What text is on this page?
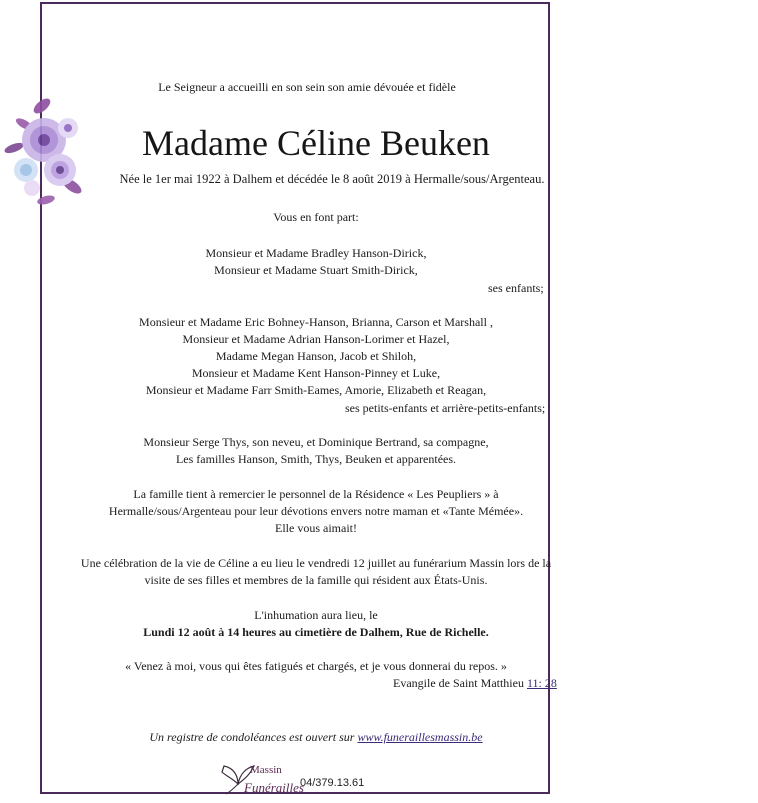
Le Seigneur a accueilli en son sein son amie dévouée et fidèle
Madame Céline Beuken
Née le 1er mai 1922 à Dalhem et décédée le 8 août 2019 à Hermalle/sous/Argenteau.
Vous en font part:
Monsieur et Madame Bradley Hanson-Dirick,
Monsieur et Madame Stuart Smith-Dirick,
ses enfants;
Monsieur et Madame Eric Bohney-Hanson, Brianna, Carson et Marshall ,
Monsieur et Madame Adrian Hanson-Lorimer et Hazel,
Madame Megan Hanson, Jacob et Shiloh,
Monsieur et Madame Kent Hanson-Pinney et Luke,
Monsieur et Madame Farr Smith-Eames, Amorie, Elizabeth et Reagan,
ses petits-enfants et arrière-petits-enfants;
Monsieur Serge Thys, son neveu, et Dominique Bertrand, sa compagne,
Les familles Hanson, Smith, Thys, Beuken et apparentées.
La famille tient à remercier le personnel de la Résidence « Les Peupliers » à
Hermalle/sous/Argenteau pour leur dévotions envers notre maman et «Tante Mémée».
Elle vous aimait!
Une célébration de la vie de Céline a eu lieu le vendredi 12 juillet au funérarium Massin lors de la
visite de ses filles et membres de la famille qui résident aux États-Unis.
L'inhumation aura lieu, le
Lundi 12 août à 14 heures au cimetière de Dalhem, Rue de Richelle.
« Venez à moi, vous qui êtes fatigués et chargés, et je vous donnerai du repos. »
Evangile de Saint Matthieu 11: 28
Un registre de condoléances est ouvert sur www.funeraillesmassin.be
Massin
Funérailles
04/379.13.61
